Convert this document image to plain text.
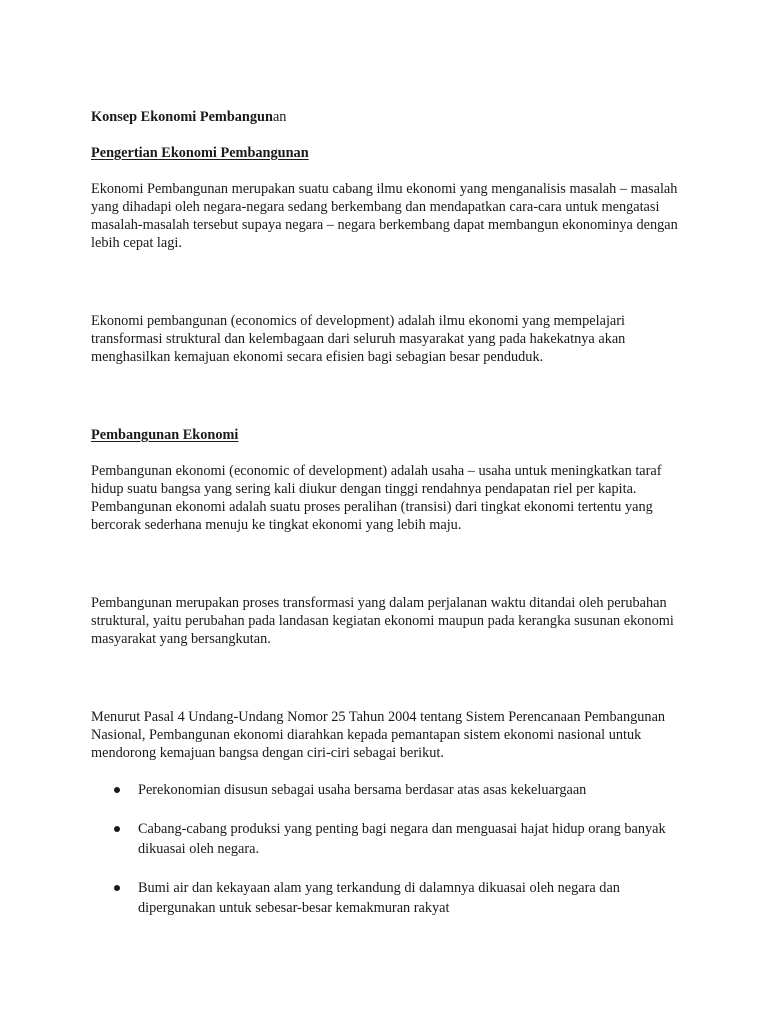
Konsep Ekonomi Pembangunan
Pengertian Ekonomi Pembangunan

Ekonomi Pembangunan merupakan suatu cabang ilmu ekonomi yang menganalisis masalah – masalah yang dihadapi oleh negara-negara sedang berkembang dan mendapatkan cara-cara untuk mengatasi masalah-masalah tersebut supaya negara – negara berkembang dapat membangun ekonominya dengan lebih cepat lagi.

Ekonomi pembangunan (economics of development) adalah ilmu ekonomi yang mempelajari transformasi struktural dan kelembagaan dari seluruh masyarakat yang pada hakekatnya akan menghasilkan kemajuan ekonomi secara efisien bagi sebagian besar penduduk.

Pembangunan Ekonomi

Pembangunan ekonomi (economic of development) adalah usaha – usaha untuk meningkatkan taraf hidup suatu bangsa yang sering kali diukur dengan tinggi rendahnya pendapatan riel per kapita. Pembangunan ekonomi adalah suatu proses peralihan (transisi) dari tingkat ekonomi tertentu yang bercorak sederhana menuju ke tingkat ekonomi yang lebih maju.

Pembangunan merupakan proses transformasi yang dalam perjalanan waktu ditandai oleh perubahan struktural, yaitu perubahan pada landasan kegiatan ekonomi maupun pada kerangka susunan ekonomi masyarakat yang bersangkutan.

Menurut Pasal 4 Undang-Undang Nomor 25 Tahun 2004 tentang Sistem Perencanaan Pembangunan Nasional, Pembangunan ekonomi diarahkan kepada pemantapan sistem ekonomi nasional untuk mendorong kemajuan bangsa dengan ciri-ciri sebagai berikut.

Perekonomian disusun sebagai usaha bersama berdasar atas asas kekeluargaan
Cabang-cabang produksi yang penting bagi negara dan menguasai hajat hidup orang banyak dikuasai oleh negara.
Bumi air dan kekayaan alam yang terkandung di dalamnya dikuasai oleh negara dan dipergunakan untuk sebesar-besar kemakmuran rakyat
